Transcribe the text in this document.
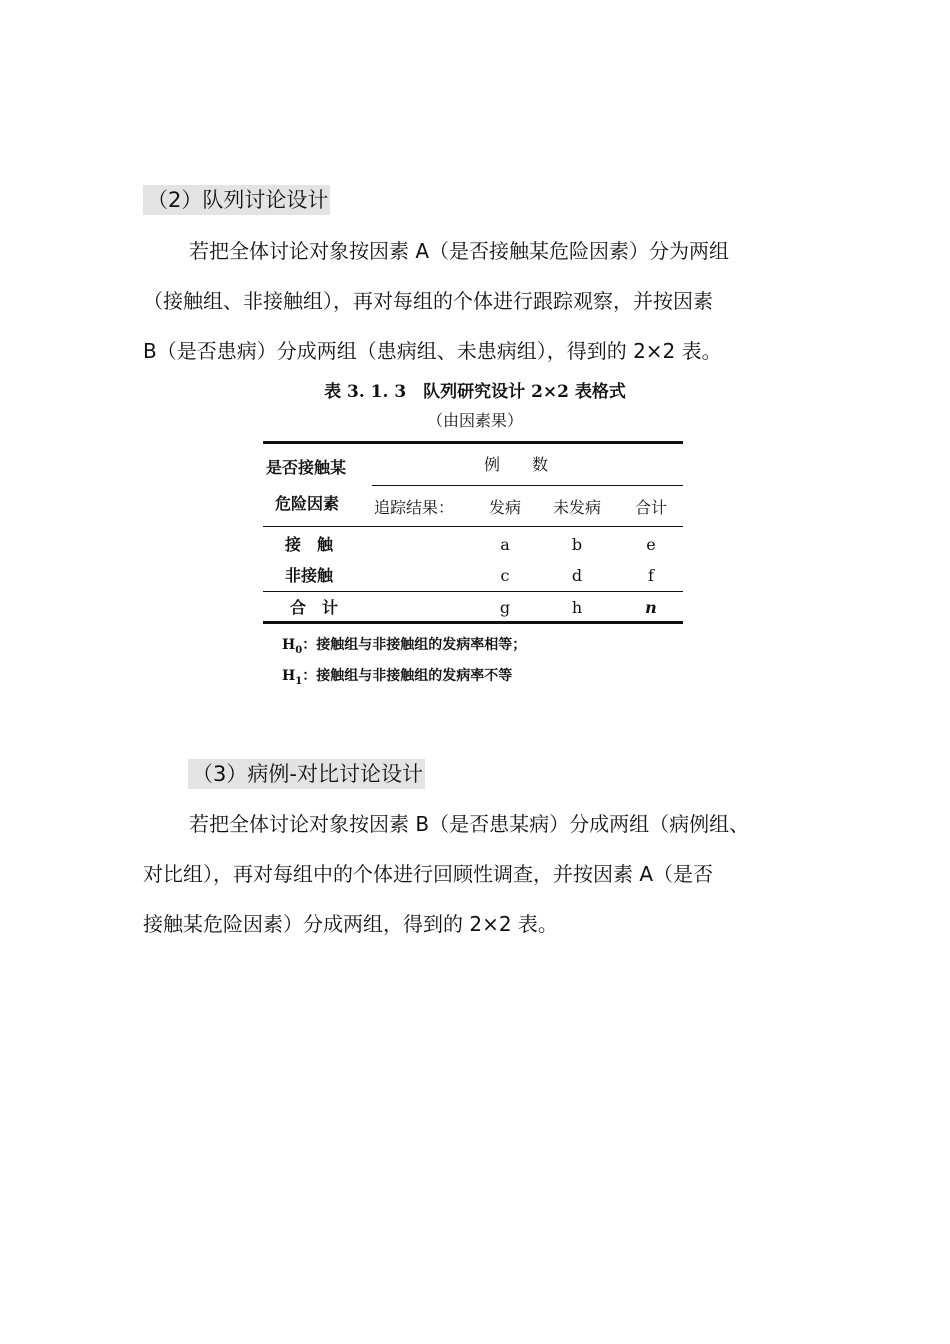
（2）队列讨论设计
若把全体讨论对象按因素 A（是否接触某危险因素）分为两组
（接触组、非接触组），再对每组的个体进行跟踪观察，并按因素
B（是否患病）分成两组（患病组、未患病组），得到的 2×2 表。
表 3. 1. 3　队列研究设计 2×2 表格式
（由因素果）
是否接触某
危险因素
例　　数
追踪结果：	发病	未发病	合计
接　触	a	b	e
非接触	c	d	f
合　计	g	h	n
$H_0$：接触组与非接触组的发病率相等；
$H_1$：接触组与非接触组的发病率不等
（3）病例-对比讨论设计
若把全体讨论对象按因素 B（是否患某病）分成两组（病例组、
对比组），再对每组中的个体进行回顾性调查，并按因素 A（是否
接触某危险因素）分成两组，得到的 2×2 表。
